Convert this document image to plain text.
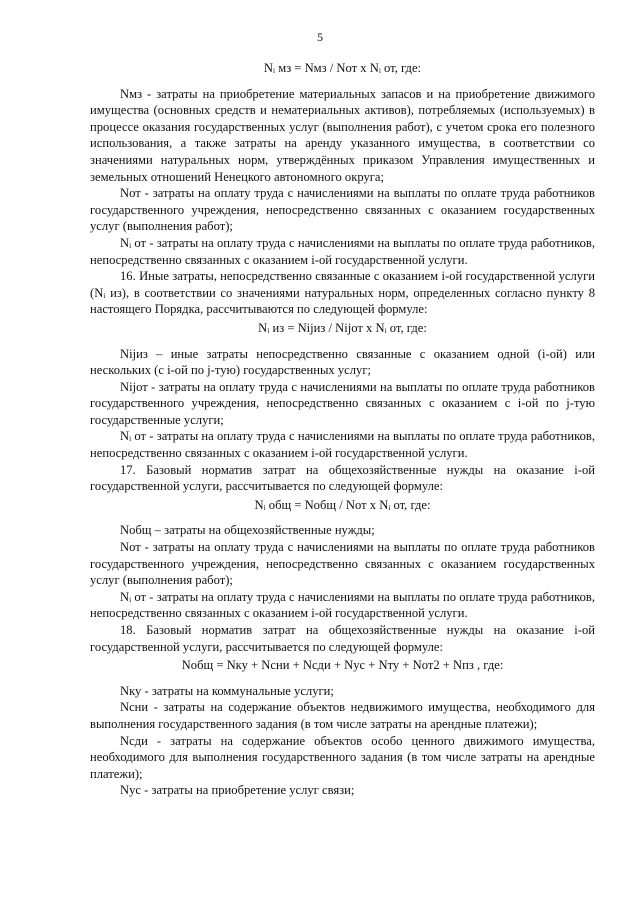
5

Nᵢ мз = Nмз / Nот х Nᵢ от, где:

Nмз - затраты на приобретение материальных запасов и на приобретение движимого имущества (основных средств и нематериальных активов), потребляемых (используемых) в процессе оказания государственных услуг (выполнения работ), с учетом срока его полезного использования, а также затраты на аренду указанного имущества, в соответствии со значениями натуральных норм, утверждённых приказом Управления имущественных и земельных отношений Ненецкого автономного округа;

Nот - затраты на оплату труда с начислениями на выплаты по оплате труда работников государственного учреждения, непосредственно связанных с оказанием государственных услуг (выполнения работ);

Nᵢ от - затраты на оплату труда с начислениями на выплаты по оплате труда работников, непосредственно связанных с оказанием i-ой государственной услуги.

16. Иные затраты, непосредственно связанные с оказанием i-ой государственной услуги (Nᵢ из), в соответствии со значениями натуральных норм, определенных согласно пункту 8 настоящего Порядка, рассчитываются по следующей формуле:

Nᵢ из = Nijиз / Nijот х Nᵢ от, где:

Nijиз – иные затраты непосредственно связанные с оказанием одной (i-ой) или нескольких (с i-ой по j-тую) государственных услуг;

Nijот - затраты на оплату труда с начислениями на выплаты по оплате труда работников государственного учреждения, непосредственно связанных с оказанием с i-ой по j-тую государственные услуги;

Nᵢ от - затраты на оплату труда с начислениями на выплаты по оплате труда работников, непосредственно связанных с оказанием i-ой государственной услуги.

17. Базовый норматив затрат на общехозяйственные нужды на оказание i-ой государственной услуги, рассчитывается по следующей формуле:

Nᵢ общ = Nобщ / Nот х Nᵢ от, где:

Nобщ – затраты на общехозяйственные нужды;

Nот - затраты на оплату труда с начислениями на выплаты по оплате труда работников государственного учреждения, непосредственно связанных с оказанием государственных услуг (выполнения работ);

Nᵢ от - затраты на оплату труда с начислениями на выплаты по оплате труда работников, непосредственно связанных с оказанием i-ой государственной услуги.

18. Базовый норматив затрат на общехозяйственные нужды на оказание i-ой государственной услуги, рассчитывается по следующей формуле:

Nобщ = Nку + Nсни + Nсди + Nус + Nту + Nот2 + Nпз , где:

Nку - затраты на коммунальные услуги;

Nсни - затраты на содержание объектов недвижимого имущества, необходимого для выполнения государственного задания (в том числе затраты на арендные платежи);

Nсди - затраты на содержание объектов особо ценного движимого имущества, необходимого для выполнения государственного задания (в том числе затраты на арендные платежи);

Nус - затраты на приобретение услуг связи;
